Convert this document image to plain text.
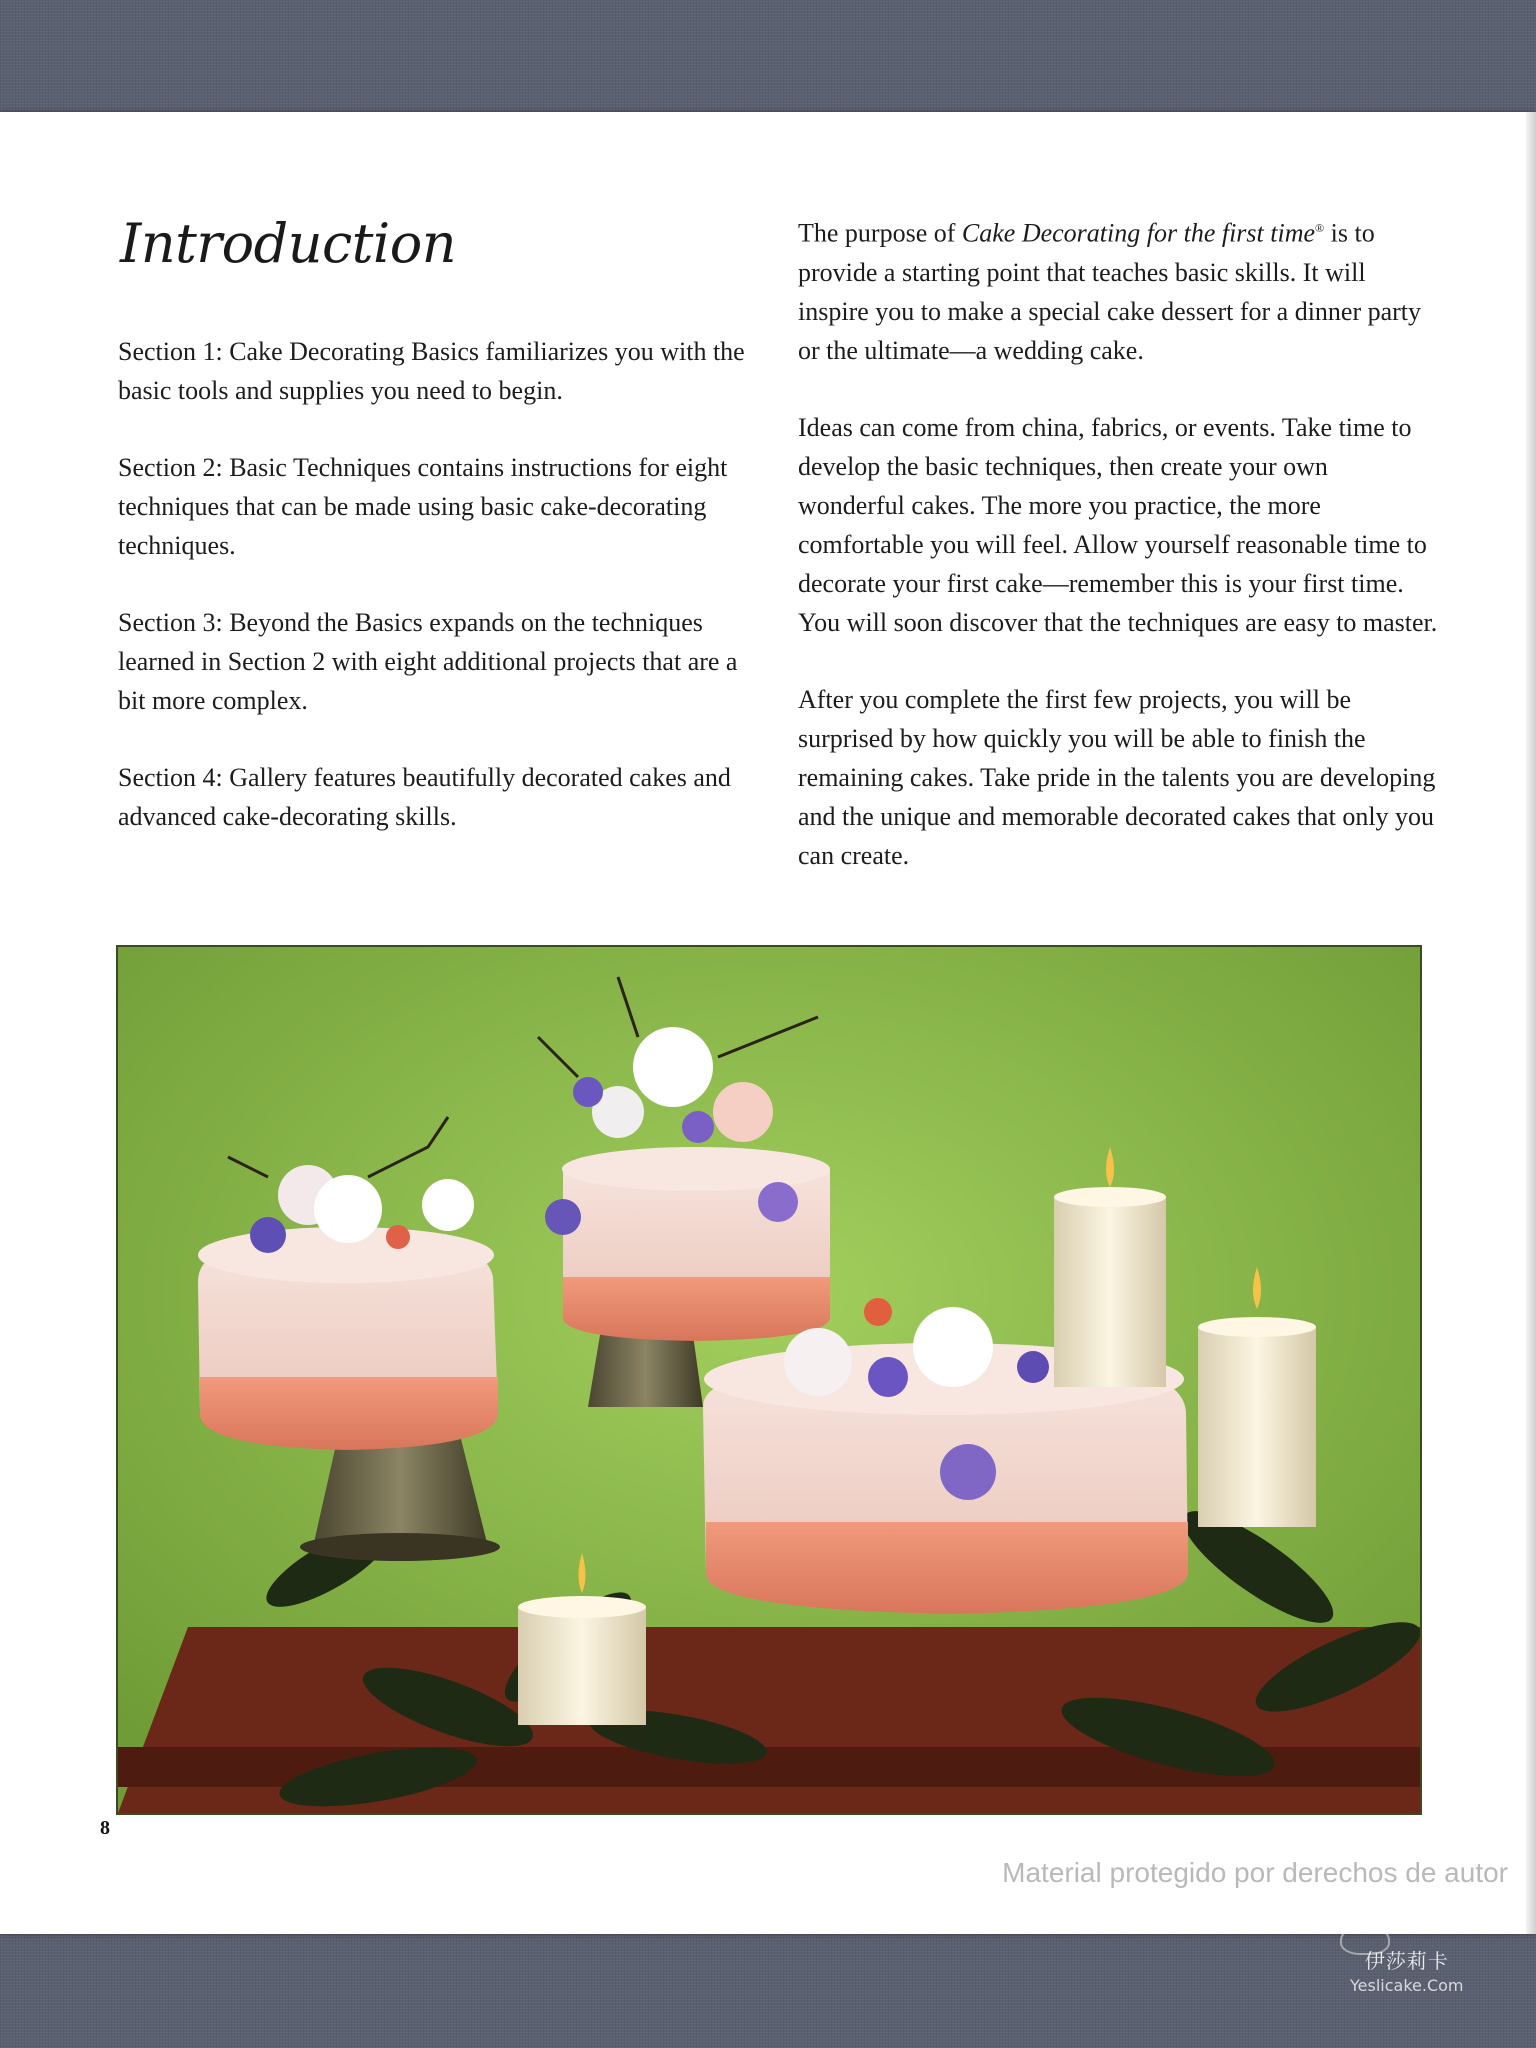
Introduction

Section 1: Cake Decorating Basics familiarizes you with the basic tools and supplies you need to begin.

Section 2: Basic Techniques contains instructions for eight techniques that can be made using basic cake-decorating techniques.

Section 3: Beyond the Basics expands on the techniques learned in Section 2 with eight additional projects that are a bit more complex.

Section 4: Gallery features beautifully decorated cakes and advanced cake-decorating skills.

The purpose of Cake Decorating for the first time® is to provide a starting point that teaches basic skills. It will inspire you to make a special cake dessert for a dinner party or the ultimate—a wedding cake.

Ideas can come from china, fabrics, or events. Take time to develop the basic techniques, then create your own wonderful cakes. The more you practice, the more comfortable you will feel. Allow yourself reasonable time to decorate your first cake—remember this is your first time. You will soon discover that the techniques are easy to master.

After you complete the first few projects, you will be surprised by how quickly you will be able to finish the remaining cakes. Take pride in the talents you are developing and the unique and memorable decorated cakes that only you can create.

8
Material protegido por derechos de autor
伊莎莉卡
Yeslicake.Com
